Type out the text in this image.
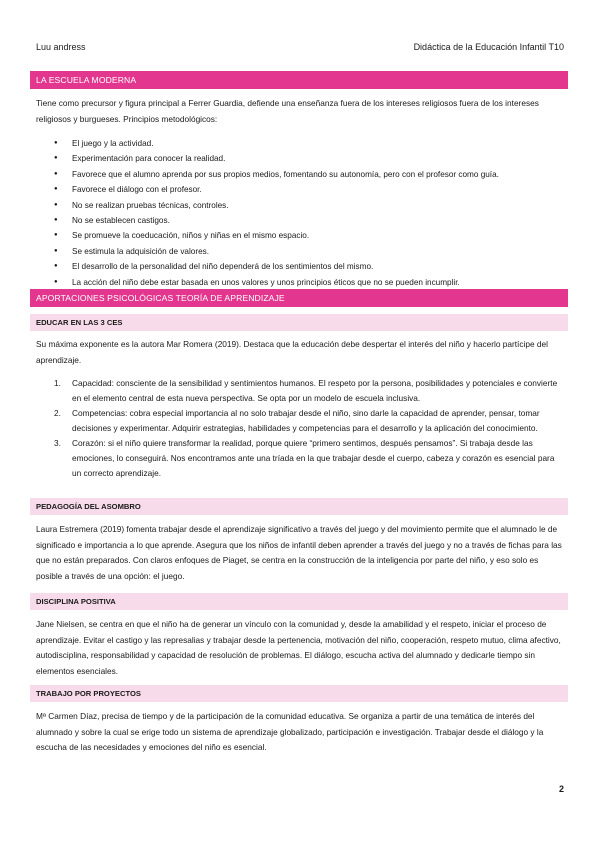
Luu andress	Didáctica de la Educación Infantil T10
LA ESCUELA MODERNA

Tiene como precursor y figura principal a Ferrer Guardia, defiende una enseñanza fuera de los intereses religiosos fuera de los intereses religiosos y burgueses. Principios metodológicos:

● El juego y la actividad.
● Experimentación para conocer la realidad.
● Favorece que el alumno aprenda por sus propios medios, fomentando su autonomía, pero con el profesor como guía.
● Favorece el diálogo con el profesor.
● No se realizan pruebas técnicas, controles.
● No se establecen castigos.
● Se promueve la coeducación, niños y niñas en el mismo espacio.
● Se estimula la adquisición de valores.
● El desarrollo de la personalidad del niño dependerá de los sentimientos del mismo.
● La acción del niño debe estar basada en unos valores y unos principios éticos que no se pueden incumplir.
APORTACIONES PSICOLÓGICAS TEORÍA DE APRENDIZAJE
EDUCAR EN LAS 3 CES

Su máxima exponente es la autora Mar Romera (2019). Destaca que la educación debe despertar el interés del niño y hacerlo partícipe del aprendizaje.

1. Capacidad: consciente de la sensibilidad y sentimientos humanos. El respeto por la persona, posibilidades y potenciales e convierte en el elemento central de esta nueva perspectiva. Se opta por un modelo de escuela inclusiva.
2. Competencias: cobra especial importancia al no solo trabajar desde el niño, sino darle la capacidad de aprender, pensar, tomar decisiones y experimentar. Adquirir estrategias, habilidades y competencias para el desarrollo y la aplicación del conocimiento.
3. Corazón: si el niño quiere transformar la realidad, porque quiere “primero sentimos, después pensamos”. Si trabaja desde las emociones, lo conseguirá. Nos encontramos ante una tríada en la que trabajar desde el cuerpo, cabeza y corazón es esencial para un correcto aprendizaje.
PEDAGOGÍA DEL ASOMBRO

Laura Estremera (2019) fomenta trabajar desde el aprendizaje significativo a través del juego y del movimiento permite que el alumnado le de significado e importancia a lo que aprende. Asegura que los niños de infantil deben aprender a través del juego y no a través de fichas para las que no están preparados. Con claros enfoques de Piaget, se centra en la construcción de la inteligencia por parte del niño, y eso solo es posible a través de una opción: el juego.

DISCIPLINA POSITIVA

Jane Nielsen, se centra en que el niño ha de generar un vínculo con la comunidad y, desde la amabilidad y el respeto, iniciar el proceso de aprendizaje. Evitar el castigo y las represalias y trabajar desde la pertenencia, motivación del niño, cooperación, respeto mutuo, clima afectivo, autodisciplina, responsabilidad y capacidad de resolución de problemas. El diálogo, escucha activa del alumnado y dedicarle tiempo sin elementos esenciales.

TRABAJO POR PROYECTOS

Mª Carmen Díaz, precisa de tiempo y de la participación de la comunidad educativa. Se organiza a partir de una temática de interés del alumnado y sobre la cual se erige todo un sistema de aprendizaje globalizado, participación e investigación. Trabajar desde el diálogo y la escucha de las necesidades y emociones del niño es esencial.

2
